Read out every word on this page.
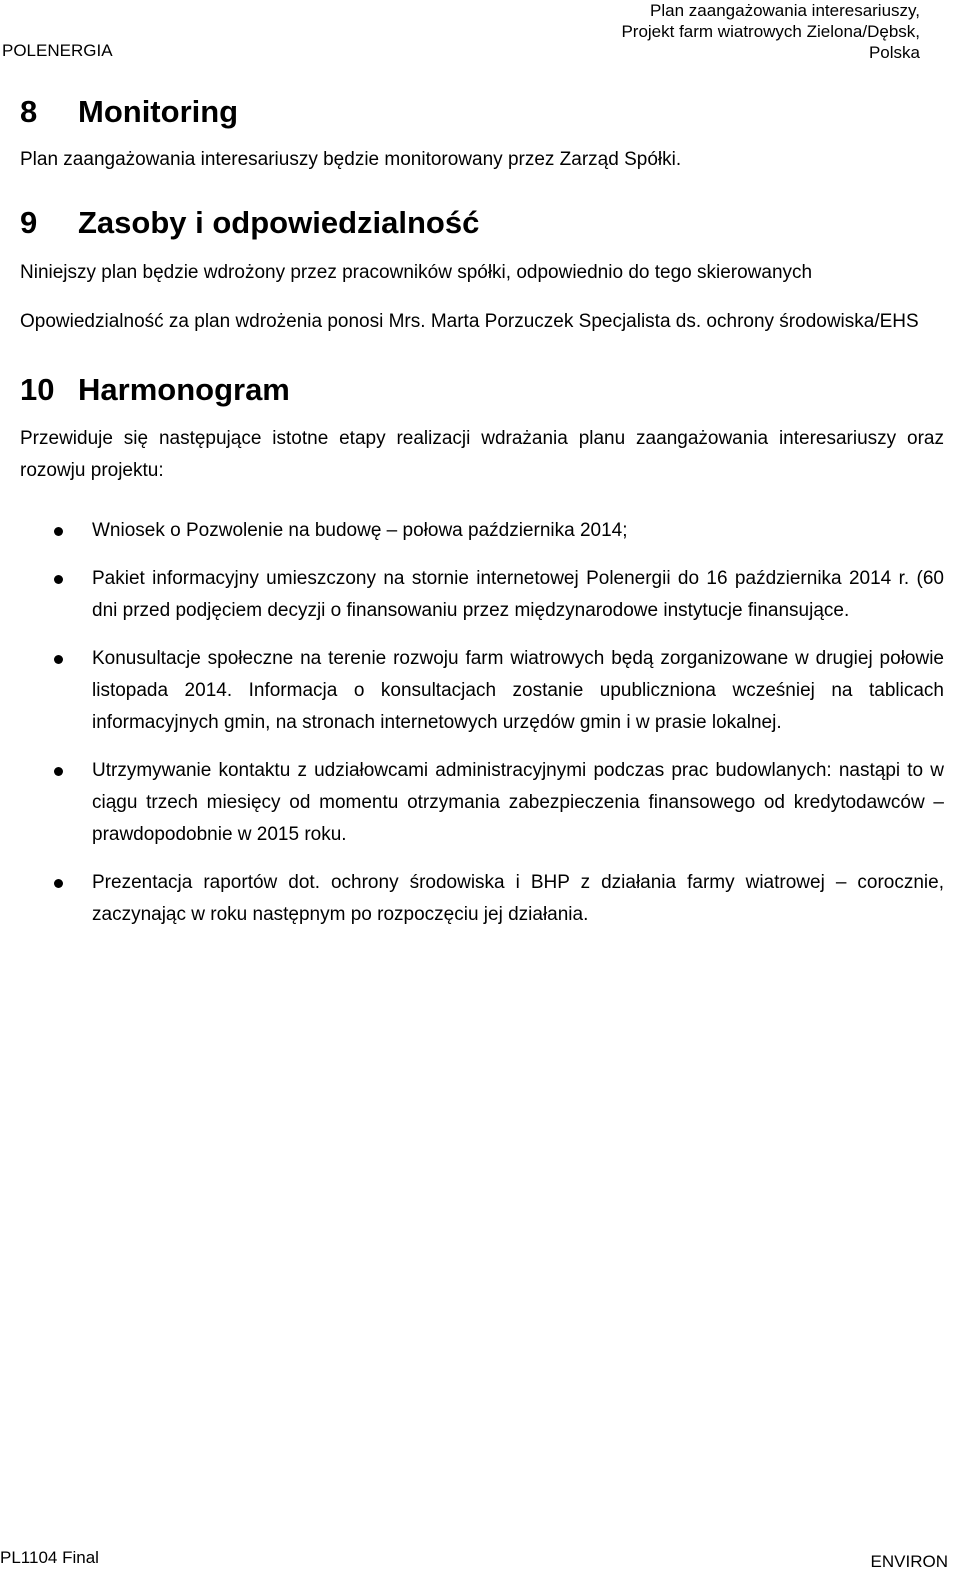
POLENERGIA
Plan zaangażowania interesariuszy,
Projekt farm wiatrowych Zielona/Dębsk,
Polska
8	Monitoring

Plan zaangażowania interesariuszy będzie monitorowany przez Zarząd Spółki.

9	Zasoby i odpowiedzialność

Niniejszy plan będzie wdrożony przez pracowników spółki, odpowiednio do tego skierowanych

Opowiedzialność za plan wdrożenia ponosi Mrs. Marta Porzuczek Specjalista ds. ochrony środowiska/EHS

10 Harmonogram

Przewiduje się następujące istotne etapy realizacji wdrażania planu zaangażowania interesariuszy oraz rozowju projektu:

Wniosek o Pozwolenie na budowę – połowa października 2014;
Pakiet informacyjny umieszczony na stornie internetowej Polenergii do 16 października 2014 r. (60 dni przed podjęciem decyzji o finansowaniu przez międzynarodowe instytucje finansujące.
Konusultacje społeczne na terenie rozwoju farm wiatrowych będą zorganizowane w drugiej połowie listopada 2014. Informacja o konsultacjach zostanie upubliczniona wcześniej na tablicach informacyjnych gmin, na stronach internetowych urzędów gmin i w prasie lokalnej.
Utrzymywanie kontaktu z udziałowcami administracyjnymi podczas prac budowlanych: nastąpi to w ciągu trzech miesięcy od momentu otrzymania zabezpieczenia finansowego od kredytodawców – prawdopodobnie w 2015 roku.
Prezentacja raportów dot. ochrony środowiska i BHP z działania farmy wiatrowej – corocznie, zaczynając w roku następnym po rozpoczęciu jej działania.
PL1104 Final	ENVIRON
